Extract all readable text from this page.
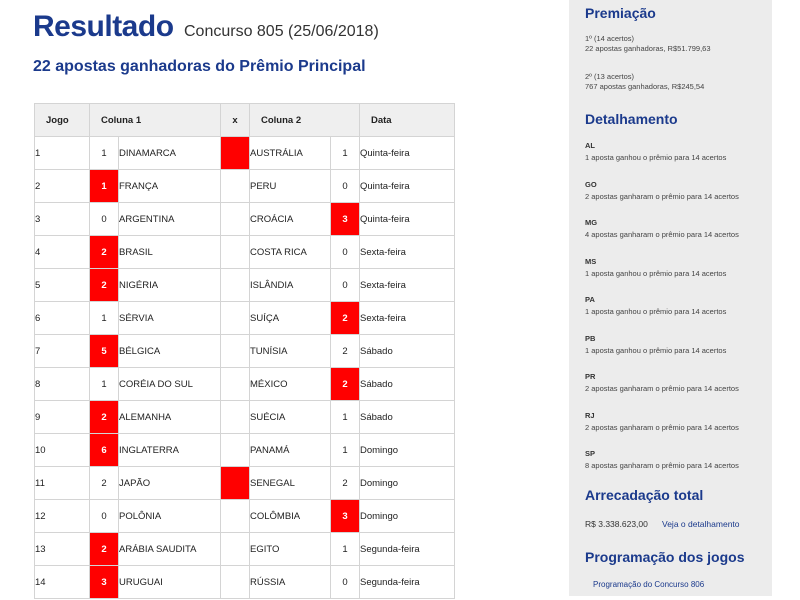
Resultado Concurso 805 (25/06/2018)
22 apostas ganhadoras do Prêmio Principal
Jogo	Coluna 1		x	Coluna 2		Data
1	1	DINAMARCA		AUSTRÁLIA	1	Quinta-feira
2	1	FRANÇA		PERU	0	Quinta-feira
3	0	ARGENTINA		CROÁCIA	3	Quinta-feira
4	2	BRASIL		COSTA RICA	0	Sexta-feira
5	2	NIGÉRIA		ISLÂNDIA	0	Sexta-feira
6	1	SÉRVIA		SUÍÇA	2	Sexta-feira
7	5	BÉLGICA		TUNÍSIA	2	Sábado
8	1	CORÉIA DO SUL		MÉXICO	2	Sábado
9	2	ALEMANHA		SUÉCIA	1	Sábado
10	6	INGLATERRA		PANAMÁ	1	Domingo
11	2	JAPÃO		SENEGAL	2	Domingo
12	0	POLÔNIA		COLÔMBIA	3	Domingo
13	2	ARÁBIA SAUDITA		EGITO	1	Segunda-feira
14	3	URUGUAI		RÚSSIA	0	Segunda-feira
Premiação
1º (14 acertos)
22 apostas ganhadoras, R$51.799,63
2º (13 acertos)
767 apostas ganhadoras, R$245,54
Detalhamento
AL
1 aposta ganhou o prêmio para 14 acertos
GO
2 apostas ganharam o prêmio para 14 acertos
MG
4 apostas ganharam o prêmio para 14 acertos
MS
1 aposta ganhou o prêmio para 14 acertos
PA
1 aposta ganhou o prêmio para 14 acertos
PB
1 aposta ganhou o prêmio para 14 acertos
PR
2 apostas ganharam o prêmio para 14 acertos
RJ
2 apostas ganharam o prêmio para 14 acertos
SP
8 apostas ganharam o prêmio para 14 acertos
Arrecadação total
R$ 3.338.623,00 Veja o detalhamento
Programação dos jogos
Programação do Concurso 806
